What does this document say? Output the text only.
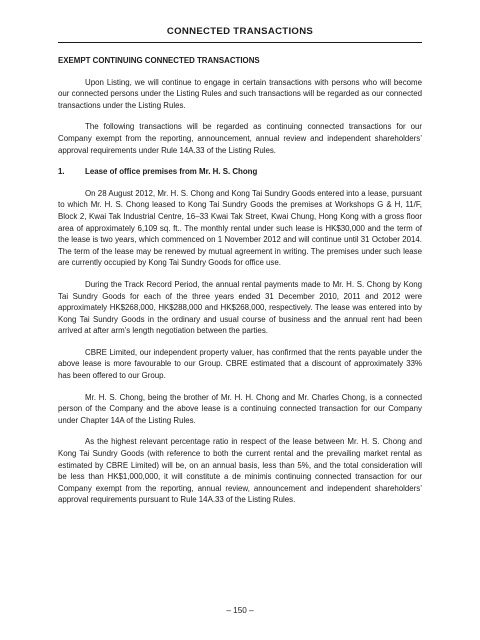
CONNECTED TRANSACTIONS
EXEMPT CONTINUING CONNECTED TRANSACTIONS

Upon Listing, we will continue to engage in certain transactions with persons who will become our connected persons under the Listing Rules and such transactions will be regarded as our connected transactions under the Listing Rules.

The following transactions will be regarded as continuing connected transactions for our Company exempt from the reporting, announcement, annual review and independent shareholders’ approval requirements under Rule 14A.33 of the Listing Rules.

1.	Lease of office premises from Mr. H. S. Chong

On 28 August 2012, Mr. H. S. Chong and Kong Tai Sundry Goods entered into a lease, pursuant to which Mr. H. S. Chong leased to Kong Tai Sundry Goods the premises at Workshops G & H, 11/F, Block 2, Kwai Tak Industrial Centre, 16–33 Kwai Tak Street, Kwai Chung, Hong Kong with a gross floor area of approximately 6,109 sq. ft.. The monthly rental under such lease is HK$30,000 and the term of the lease is two years, which commenced on 1 November 2012 and will continue until 31 October 2014. The term of the lease may be renewed by mutual agreement in writing. The premises under such lease are currently occupied by Kong Tai Sundry Goods for office use.

During the Track Record Period, the annual rental payments made to Mr. H. S. Chong by Kong Tai Sundry Goods for each of the three years ended 31 December 2010, 2011 and 2012 were approximately HK$268,000, HK$288,000 and HK$268,000, respectively. The lease was entered into by Kong Tai Sundry Goods in the ordinary and usual course of business and the annual rent had been arrived at after arm’s length negotiation between the parties.

CBRE Limited, our independent property valuer, has confirmed that the rents payable under the above lease is more favourable to our Group. CBRE estimated that a discount of approximately 33% has been offered to our Group.

Mr. H. S. Chong, being the brother of Mr. H. H. Chong and Mr. Charles Chong, is a connected person of the Company and the above lease is a continuing connected transaction for our Company under Chapter 14A of the Listing Rules.

As the highest relevant percentage ratio in respect of the lease between Mr. H. S. Chong and Kong Tai Sundry Goods (with reference to both the current rental and the prevailing market rental as estimated by CBRE Limited) will be, on an annual basis, less than 5%, and the total consideration will be less than HK$1,000,000, it will constitute a de minimis continuing connected transaction for our Company exempt from the reporting, annual review, announcement and independent shareholders’ approval requirements pursuant to Rule 14A.33 of the Listing Rules.

– 150 –
